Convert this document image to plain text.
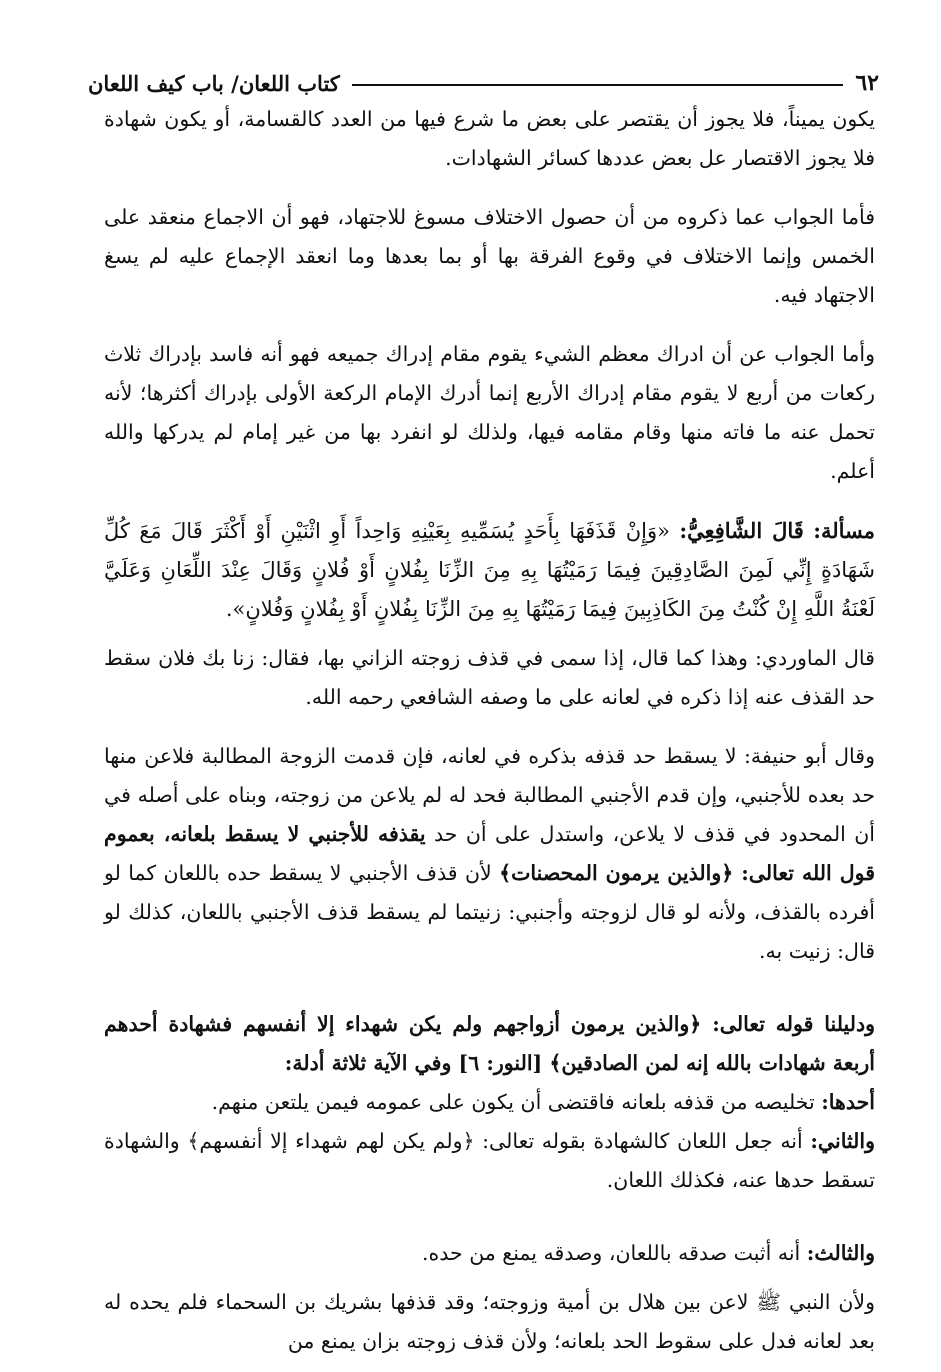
٦٢
كتاب اللعان/ باب كيف اللعان

يكون يميناً، فلا يجوز أن يقتصر على بعض ما شرع فيها من العدد كالقسامة، أو يكون شهادة فلا يجوز الاقتصار عل بعض عددها كسائر الشهادات.

فأما الجواب عما ذكروه من أن حصول الاختلاف مسوغ للاجتهاد، فهو أن الاجماع منعقد على الخمس وإنما الاختلاف في وقوع الفرقة بها أو بما بعدها وما انعقد الإجماع عليه لم يسغ الاجتهاد فيه.

وأما الجواب عن أن ادراك معظم الشيء يقوم مقام إدراك جميعه فهو أنه فاسد بإدراك ثلاث ركعات من أربع لا يقوم مقام إدراك الأربع إنما أدرك الإمام الركعة الأولى بإدراك أكثرها؛ لأنه تحمل عنه ما فاته منها وقام مقامه فيها، ولذلك لو انفرد بها من غير إمام لم يدركها والله أعلم.

مسألة: قَالَ الشَّافِعِيُّ: «وَإِنْ قَذَفَهَا بِأَحَدٍ يُسَمِّيهِ بِعَيْنِهِ وَاحِداً أَوِ اثْنَيْنِ أَوْ أَكْثَرَ قَالَ مَعَ كُلِّ شَهَادَةٍ إِنِّي لَمِنَ الصَّادِقِينَ فِيمَا رَمَيْتُهَا بِهِ مِنَ الزِّنَا بِفُلانٍ أَوْ فُلانٍ وَقَالَ عِنْدَ اللِّعَانِ وَعَلَيَّ لَعْنَةُ اللَّهِ إِنْ كُنْتُ مِنَ الكَاذِبِينَ فِيمَا رَمَيْتُهَا بِهِ مِنَ الزِّنَا بِفُلانٍ أَوْ بِفُلانٍ وَفُلانٍ».

قال الماوردي: وهذا كما قال، إذا سمى في قذف زوجته الزاني بها، فقال: زنا بك فلان سقط حد القذف عنه إذا ذكره في لعانه على ما وصفه الشافعي رحمه الله.

وقال أبو حنيفة: لا يسقط حد قذفه بذكره في لعانه، فإن قدمت الزوجة المطالبة فلاعن منها حد بعده للأجنبي، وإن قدم الأجنبي المطالبة فحد له لم يلاعن من زوجته، وبناه على أصله في أن المحدود في قذف لا يلاعن، واستدل على أن حد يقذفه للأجنبي لا يسقط بلعانه، بعموم قول الله تعالى: ﴿والذين يرمون المحصنات﴾ لأن قذف الأجنبي لا يسقط حده باللعان كما لو أفرده بالقذف، ولأنه لو قال لزوجته وأجنبي: زنيتما لم يسقط قذف الأجنبي باللعان، كذلك لو قال: زنيت به.

ودليلنا قوله تعالى: ﴿والذين يرمون أزواجهم ولم يكن شهداء إلا أنفسهم فشهادة أحدهم أربعة شهادات بالله إنه لمن الصادقين﴾ [النور: ٦] وفي الآية ثلاثة أدلة:

أحدها: تخليصه من قذفه بلعانه فاقتضى أن يكون على عمومه فيمن يلتعن منهم.

والثاني: أنه جعل اللعان كالشهادة بقوله تعالى: ﴿ولم يكن لهم شهداء إلا أنفسهم﴾ والشهادة تسقط حدها عنه، فكذلك اللعان.

والثالث: أنه أثبت صدقه باللعان، وصدقه يمنع من حده.

ولأن النبي ﷺ لاعن بين هلال بن أمية وزوجته؛ وقد قذفها بشريك بن السحماء فلم يحده له بعد لعانه فدل على سقوط الحد بلعانه؛ ولأن قذف زوجته بزان يمنع من
